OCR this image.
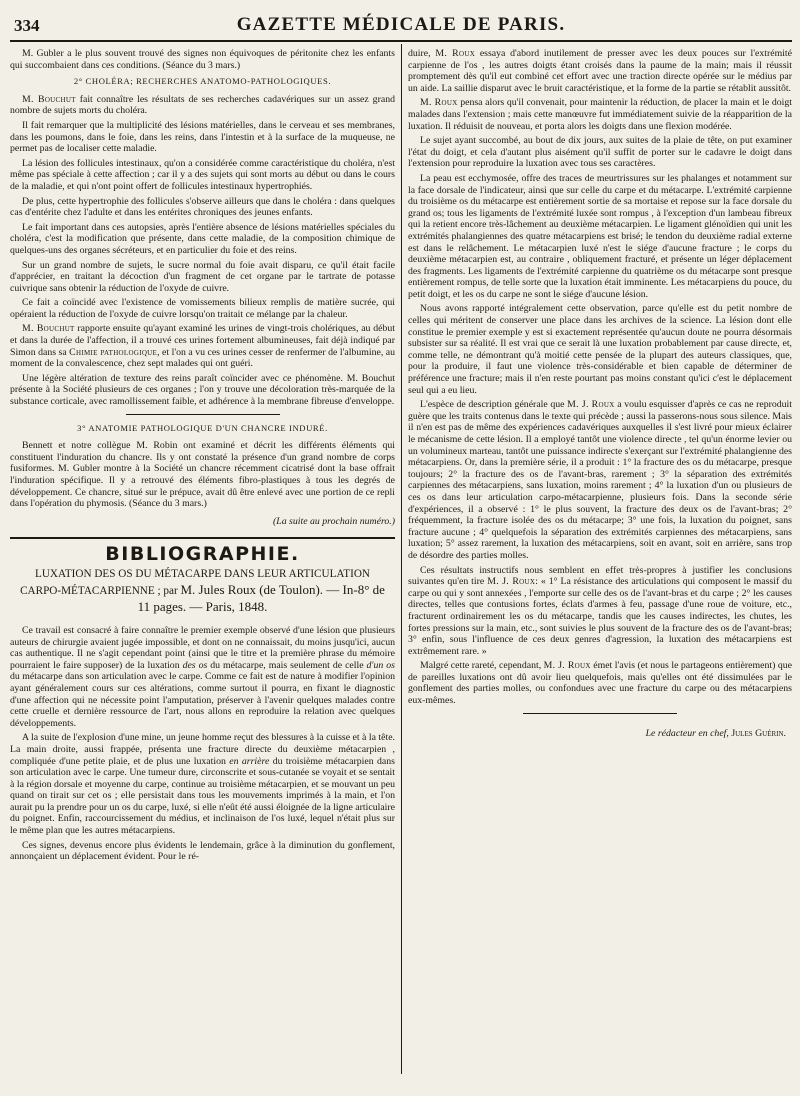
334	GAZETTE MÉDICALE DE PARIS.

M. Gubler a le plus souvent trouvé des signes non équivoques de péritonite chez les enfants qui succombaient dans ces conditions. (Séance du 3 mars.)

2° CHOLÉRA; RECHERCHES ANATOMO-PATHOLOGIQUES.

M. Bouchut fait connaître les résultats de ses recherches cadavériques sur un assez grand nombre de sujets morts du choléra.

Il fait remarquer que la multiplicité des lésions matérielles, dans le cerveau et ses membranes, dans les poumons, dans le foie, dans les reins, dans l'intestin et à la surface de la muqueuse, ne permet pas de localiser cette maladie.

La lésion des follicules intestinaux, qu'on a considérée comme caractéristique du choléra, n'est même pas spéciale à cette affection ; car il y a des sujets qui sont morts au début ou dans le cours de la maladie, et qui n'ont point offert de follicules intestinaux hypertrophiés.

De plus, cette hypertrophie des follicules s'observe ailleurs que dans le choléra : dans quelques cas d'entérite chez l'adulte et dans les entérites chroniques des jeunes enfants.

Le fait important dans ces autopsies, après l'entière absence de lésions matérielles spéciales du choléra, c'est la modification que présente, dans cette maladie, de la composition chimique de quelques-uns des organes sécréteurs, et en particulier du foie et des reins.

Sur un grand nombre de sujets, le sucre normal du foie avait disparu, ce qu'il était facile d'apprécier, en traitant la décoction d'un fragment de cet organe par le tartrate de potasse cuivrique sans obtenir la réduction de l'oxyde de cuivre.

Ce fait a coïncidé avec l'existence de vomissements bilieux remplis de matière sucrée, qui opéraient la réduction de l'oxyde de cuivre lorsqu'on traitait ce mélange par la chaleur.

M. Bouchut rapporte ensuite qu'ayant examiné les urines de vingt-trois cholériques, au début et dans la durée de l'affection, il a trouvé ces urines fortement albumineuses, fait déjà indiqué par Simon dans sa Chimie pathologique, et l'on a vu ces urines cesser de renfermer de l'albumine, au moment de la convalescence, chez sept malades qui ont guéri.

Une légère altération de texture des reins paraît coïncider avec ce phénomène. M. Bouchut présente à la Société plusieurs de ces organes ; l'on y trouve une décoloration très-marquée de la substance corticale, avec ramollissement faible, et adhérence à la membrane fibreuse d'enveloppe.

3° ANATOMIE PATHOLOGIQUE D'UN CHANCRE INDURÉ.

Bennett et notre collègue M. Robin ont examiné et décrit les différents éléments qui constituent l'induration du chancre. Ils y ont constaté la présence d'un grand nombre de corps fusiformes. M. Gubler montre à la Société un chancre récemment cicatrisé dont la base offrait l'induration spécifique. Il y a retrouvé des éléments fibro-plastiques à tous les degrés de développement. Ce chancre, situé sur le prépuce, avait dû être enlevé avec une portion de ce repli dans l'opération du phymosis. (Séance du 3 mars.)

(La suite au prochain numéro.)
BIBLIOGRAPHIE.
LUXATION DES OS DU MÉTACARPE DANS LEUR ARTICULATION CARPO-MÉTACARPIENNE ; par M. Jules Roux (de Toulon). — In-8° de 11 pages. — Paris, 1848.

Ce travail est consacré à faire connaître le premier exemple observé d'une lésion que plusieurs auteurs de chirurgie avaient jugée impossible, et dont on ne connaissait, du moins jusqu'ici, aucun cas authentique. Il ne s'agit cependant point (ainsi que le titre et la première phrase du mémoire pourraient le faire supposer) de la luxation des os du métacarpe, mais seulement de celle d'un os du métacarpe dans son articulation avec le carpe. Comme ce fait est de nature à modifier l'opinion ayant généralement cours sur ces altérations, comme surtout il pourra, en fixant le diagnostic d'une affection qui ne nécessite point l'amputation, préserver à l'avenir quelques malades contre cette cruelle et dernière ressource de l'art, nous allons en reproduire la relation avec quelques développements.

A la suite de l'explosion d'une mine, un jeune homme reçut des blessures à la cuisse et à la tête. La main droite, aussi frappée, présenta une fracture directe du deuxième métacarpien , compliquée d'une petite plaie, et de plus une luxation en arrière du troisième métacarpien dans son articulation avec le carpe. Une tumeur dure, circonscrite et sous-cutanée se voyait et se sentait à la région dorsale et moyenne du carpe, continue au troisième métacarpien, et se mouvant un peu quand on tirait sur cet os ; elle persistait dans tous les mouvements imprimés à la main, et l'on aurait pu la prendre pour un os du carpe, luxé, si elle n'eût été aussi éloignée de la ligne articulaire du poignet. Enfin, raccourcissement du médius, et inclinaison de l'os luxé, lequel n'était plus sur le même plan que les autres métacarpiens.

Ces signes, devenus encore plus évidents le lendemain, grâce à la diminution du gonflement, annonçaient un déplacement évident. Pour le ré-

duire, M. Roux essaya d'abord inutilement de presser avec les deux pouces sur l'extrémité carpienne de l'os , les autres doigts étant croisés dans la paume de la main; mais il réussit promptement dès qu'il eut combiné cet effort avec une traction directe opérée sur le médius par un aide. La saillie disparut avec le bruit caractéristique, et la forme de la partie se rétablit aussitôt.

M. Roux pensa alors qu'il convenait, pour maintenir la réduction, de placer la main et le doigt malades dans l'extension ; mais cette manœuvre fut immédiatement suivie de la réapparition de la luxation. Il réduisit de nouveau, et porta alors les doigts dans une flexion modérée.

Le sujet ayant succombé, au bout de dix jours, aux suites de la plaie de tête, on put examiner l'état du doigt, et cela d'autant plus aisément qu'il suffit de porter sur le cadavre le doigt dans l'extension pour reproduire la luxation avec tous ses caractères.

La peau est ecchymosée, offre des traces de meurtrissures sur les phalanges et notamment sur la face dorsale de l'indicateur, ainsi que sur celle du carpe et du métacarpe. L'extrémité carpienne du troisième os du métacarpe est entièrement sortie de sa mortaise et repose sur la face dorsale du grand os; tous les ligaments de l'extrémité luxée sont rompus , à l'exception d'un lambeau fibreux qui la retient encore très-lâchement au deuxième métacarpien. Le ligament glénoïdien qui unit les extrémités phalangiennes des quatre métacarpiens est brisé; le tendon du deuxième radial externe est dans le relâchement. Le métacarpien luxé n'est le siége d'aucune fracture ; le corps du deuxième métacarpien est, au contraire , obliquement fracturé, et présente un léger déplacement des fragments. Les ligaments de l'extrémité carpienne du quatrième os du métacarpe sont presque entièrement rompus, de telle sorte que la luxation était imminente. Les métacarpiens du pouce, du petit doigt, et les os du carpe ne sont le siége d'aucune lésion.

Nous avons rapporté intégralement cette observation, parce qu'elle est du petit nombre de celles qui méritent de conserver une place dans les archives de la science. La lésion dont elle constitue le premier exemple y est si exactement représentée qu'aucun doute ne pourra désormais subsister sur sa réalité. Il est vrai que ce serait là une luxation probablement par cause directe, et, comme telle, ne démontrant qu'à moitié cette pensée de la plupart des auteurs classiques, que, pour la produire, il faut une violence très-considérable et bien capable de déterminer de préférence une fracture; mais il n'en reste pourtant pas moins constant qu'ici c'est le déplacement seul qui a eu lieu.

L'espèce de description générale que M. J. Roux a voulu esquisser d'après ce cas ne reproduit guère que les traits contenus dans le texte qui précède ; aussi la passerons-nous sous silence. Mais il n'en est pas de même des expériences cadavériques auxquelles il s'est livré pour mieux éclairer le mécanisme de cette lésion. Il a employé tantôt une violence directe , tel qu'un énorme levier ou un volumineux marteau, tantôt une puissance indirecte s'exerçant sur l'extrémité phalangienne des métacarpiens. Or, dans la première série, il a produit : 1° la fracture des os du métacarpe, presque toujours; 2° la fracture des os de l'avant-bras, rarement ; 3° la séparation des extrémités carpiennes des métacarpiens, sans luxation, moins rarement ; 4° la luxation d'un ou plusieurs de ces os dans leur articulation carpo-métacarpienne, plusieurs fois. Dans la seconde série d'expériences, il a observé : 1° le plus souvent, la fracture des deux os de l'avant-bras; 2° fréquemment, la fracture isolée des os du métacarpe; 3° une fois, la luxation du poignet, sans fracture aucune ; 4° quelquefois la séparation des extrémités carpiennes des métacarpiens, sans luxation; 5° assez rarement, la luxation des métacarpiens, soit en avant, soit en arrière, sans trop de désordre des parties molles.

Ces résultats instructifs nous semblent en effet très-propres à justifier les conclusions suivantes qu'en tire M. J. Roux: « 1° La résistance des articulations qui composent le massif du carpe ou qui y sont annexées , l'emporte sur celle des os de l'avant-bras et du carpe ; 2° les causes directes, telles que contusions fortes, éclats d'armes à feu, passage d'une roue de voiture, etc., fracturent ordinairement les os du métacarpe, tandis que les causes indirectes, les chutes, les fortes pressions sur la main, etc., sont suivies le plus souvent de la fracture des os de l'avant-bras; 3° enfin, sous l'influence de ces deux genres d'agression, la luxation des métacarpiens est extrêmement rare. »

Malgré cette rareté, cependant, M. J. Roux émet l'avis (et nous le partageons entièrement) que de pareilles luxations ont dû avoir lieu quelquefois, mais qu'elles ont été dissimulées par le gonflement des parties molles, ou confondues avec une fracture du carpe ou des métacarpiens eux-mêmes.

Le rédacteur en chef, Jules Guérin.
